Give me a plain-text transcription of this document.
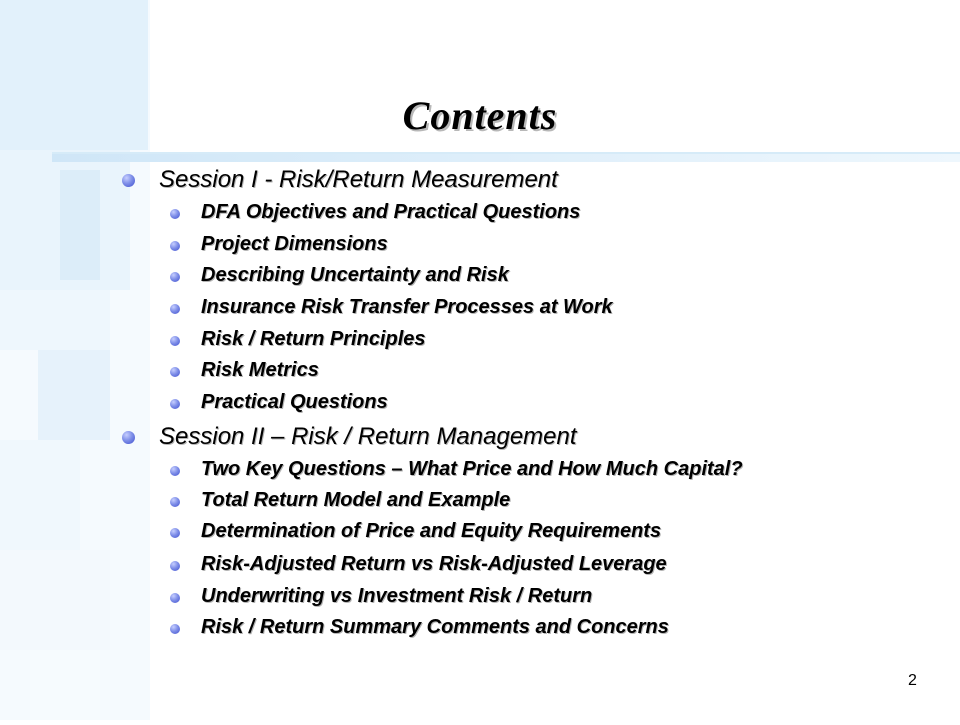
Contents
Session I - Risk/Return Measurement
DFA Objectives and Practical Questions
Project Dimensions
Describing Uncertainty and Risk
Insurance Risk Transfer Processes at Work
Risk / Return Principles
Risk Metrics
Practical Questions
Session II – Risk / Return Management
Two Key Questions – What Price and How Much Capital?
Total Return Model and Example
Determination of Price and Equity Requirements
Risk-Adjusted Return vs Risk-Adjusted Leverage
Underwriting vs Investment Risk / Return
Risk / Return Summary Comments and Concerns
2
